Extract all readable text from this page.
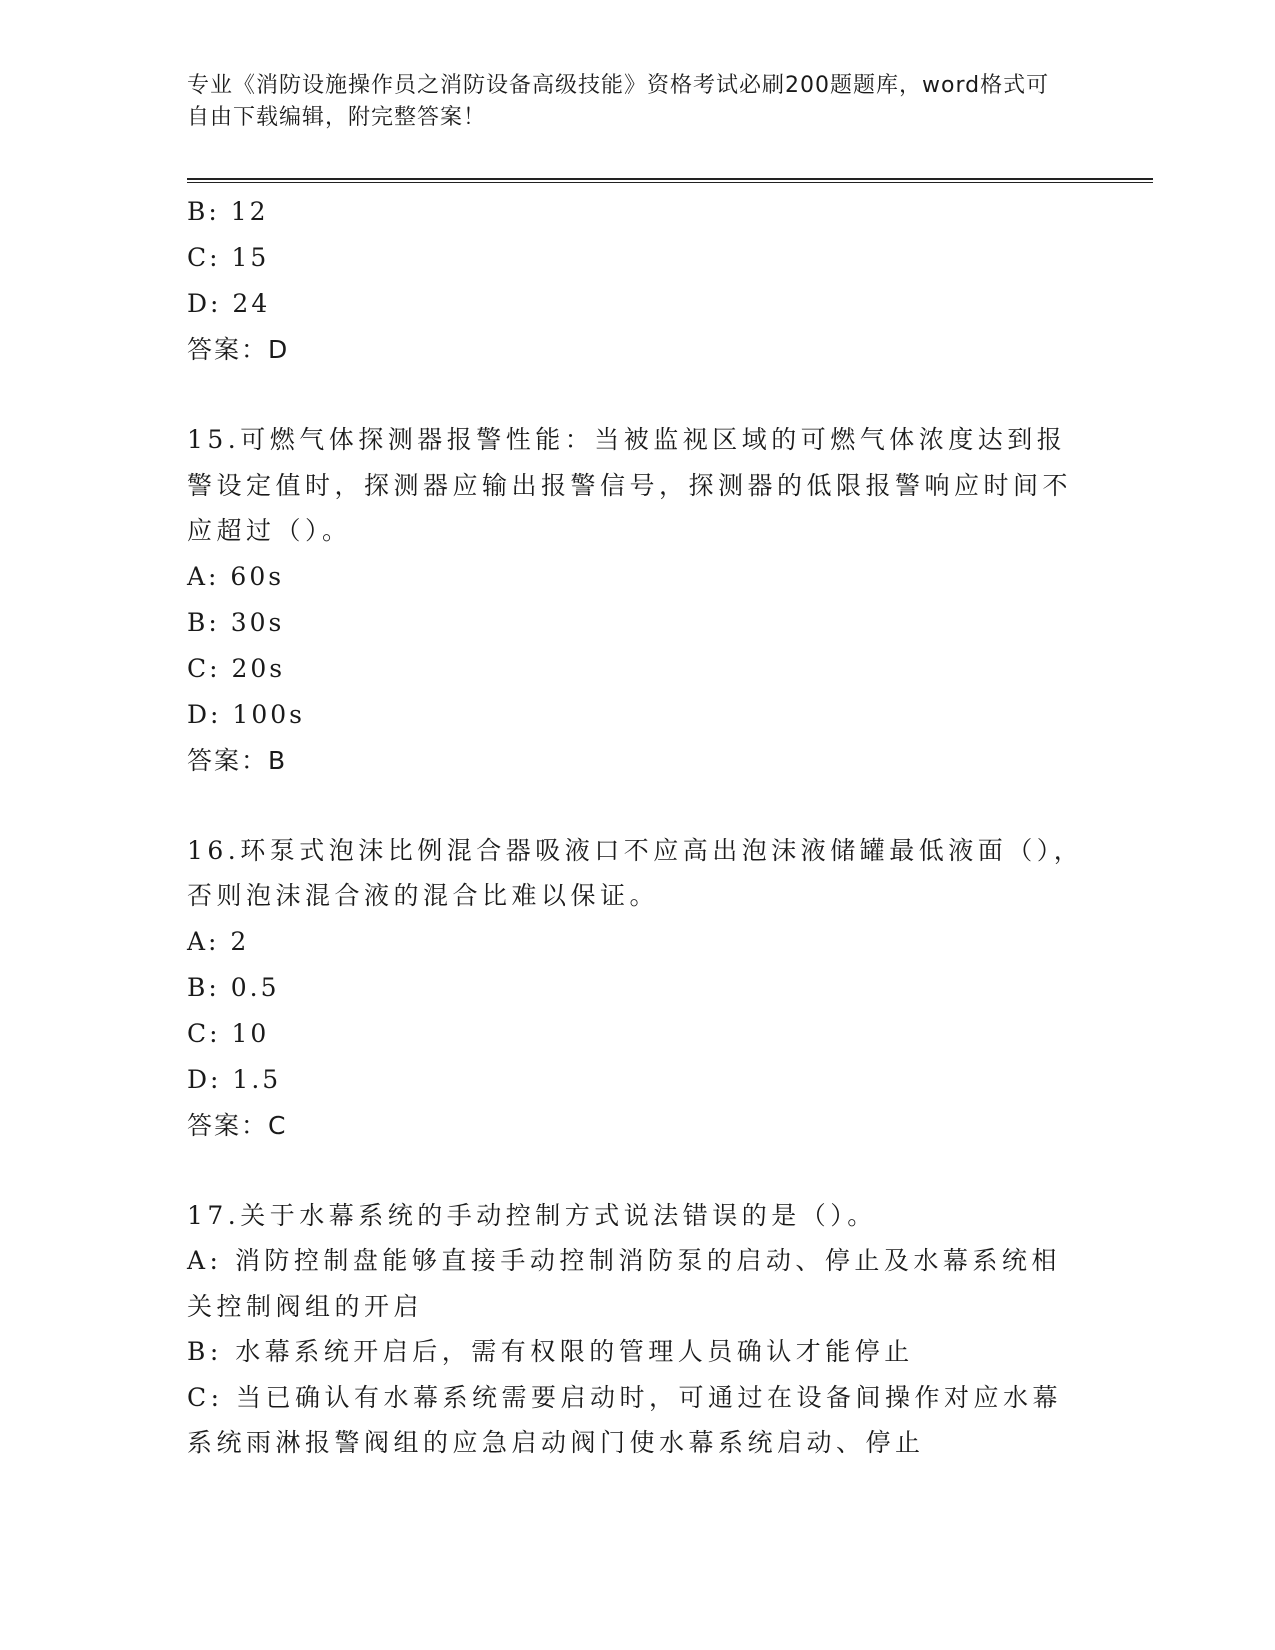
专业《消防设施操作员之消防设备高级技能》资格考试必刷200题题库，word格式可自由下载编辑，附完整答案！

B: 12

C: 15

D: 24

答案：D

15.可燃气体探测器报警性能：当被监视区域的可燃气体浓度达到报警设定值时，探测器应输出报警信号，探测器的低限报警响应时间不应超过（）。

A: 60s

B: 30s

C: 20s

D: 100s

答案：B

16.环泵式泡沫比例混合器吸液口不应高出泡沫液储罐最低液面（），否则泡沫混合液的混合比难以保证。

A: 2

B: 0.5

C: 10

D: 1.5

答案：C

17.关于水幕系统的手动控制方式说法错误的是（）。

A: 消防控制盘能够直接手动控制消防泵的启动、停止及水幕系统相关控制阀组的开启

B: 水幕系统开启后，需有权限的管理人员确认才能停止

C: 当已确认有水幕系统需要启动时，可通过在设备间操作对应水幕系统雨淋报警阀组的应急启动阀门使水幕系统启动、停止
